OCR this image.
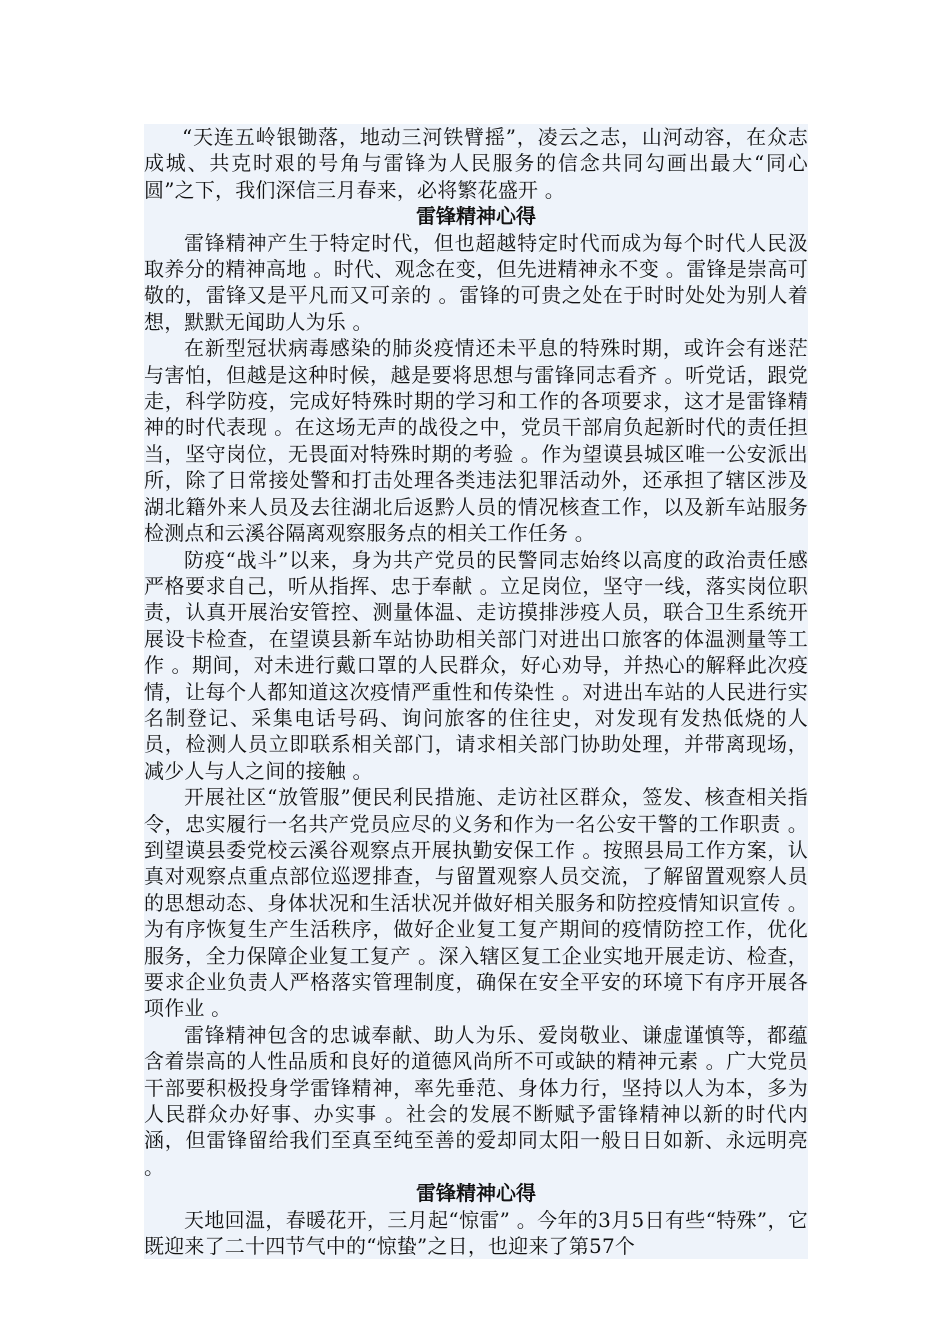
“天连五岭银锄落，地动三河铁臂摇”，凌云之志，山河动容，在众志成城、共克时艰的号角与雷锋为人民服务的信念共同勾画出最大“同心圆”之下，我们深信三月春来，必将繁花盛开 。

雷锋精神心得

雷锋精神产生于特定时代，但也超越特定时代而成为每个时代人民汲取养分的精神高地 。时代、观念在变，但先进精神永不变 。雷锋是崇高可敬的，雷锋又是平凡而又可亲的 。雷锋的可贵之处在于时时处处为别人着想，默默无闻助人为乐 。

在新型冠状病毒感染的肺炎疫情还未平息的特殊时期，或许会有迷茫与害怕，但越是这种时候，越是要将思想与雷锋同志看齐 。听党话，跟党走，科学防疫，完成好特殊时期的学习和工作的各项要求，这才是雷锋精神的时代表现 。在这场无声的战役之中，党员干部肩负起新时代的责任担当，坚守岗位，无畏面对特殊时期的考验 。作为望谟县城区唯一公安派出所，除了日常接处警和打击处理各类违法犯罪活动外，还承担了辖区涉及湖北籍外来人员及去往湖北后返黔人员的情况核查工作，以及新车站服务检测点和云溪谷隔离观察服务点的相关工作任务 。

防疫“战斗”以来，身为共产党员的民警同志始终以高度的政治责任感严格要求自己，听从指挥、忠于奉献 。立足岗位，坚守一线，落实岗位职责，认真开展治安管控、测量体温、走访摸排涉疫人员，联合卫生系统开展设卡检查，在望谟县新车站协助相关部门对进出口旅客的体温测量等工作 。期间，对未进行戴口罩的人民群众，好心劝导，并热心的解释此次疫情，让每个人都知道这次疫情严重性和传染性 。对进出车站的人民进行实名制登记、采集电话号码、询问旅客的住往史，对发现有发热低烧的人员，检测人员立即联系相关部门，请求相关部门协助处理，并带离现场，减少人与人之间的接触 。

开展社区“放管服”便民利民措施、走访社区群众，签发、核查相关指令，忠实履行一名共产党员应尽的义务和作为一名公安干警的工作职责 。到望谟县委党校云溪谷观察点开展执勤安保工作 。按照县局工作方案，认真对观察点重点部位巡逻排查，与留置观察人员交流，了解留置观察人员的思想动态、身体状况和生活状况并做好相关服务和防控疫情知识宣传 。为有序恢复生产生活秩序，做好企业复工复产期间的疫情防控工作，优化服务，全力保障企业复工复产 。深入辖区复工企业实地开展走访、检查，要求企业负责人严格落实管理制度，确保在安全平安的环境下有序开展各项作业 。

雷锋精神包含的忠诚奉献、助人为乐、爱岗敬业、谦虚谨慎等，都蕴含着崇高的人性品质和良好的道德风尚所不可或缺的精神元素 。广大党员干部要积极投身学雷锋精神，率先垂范、身体力行，坚持以人为本，多为人民群众办好事、办实事 。社会的发展不断赋予雷锋精神以新的时代内涵，但雷锋留给我们至真至纯至善的爱却同太阳一般日日如新、永远明亮 。

雷锋精神心得

天地回温，春暖花开，三月起“惊雷” 。今年的3月5日有些“特殊”，它既迎来了二十四节气中的“惊蛰”之日，也迎来了第57个
